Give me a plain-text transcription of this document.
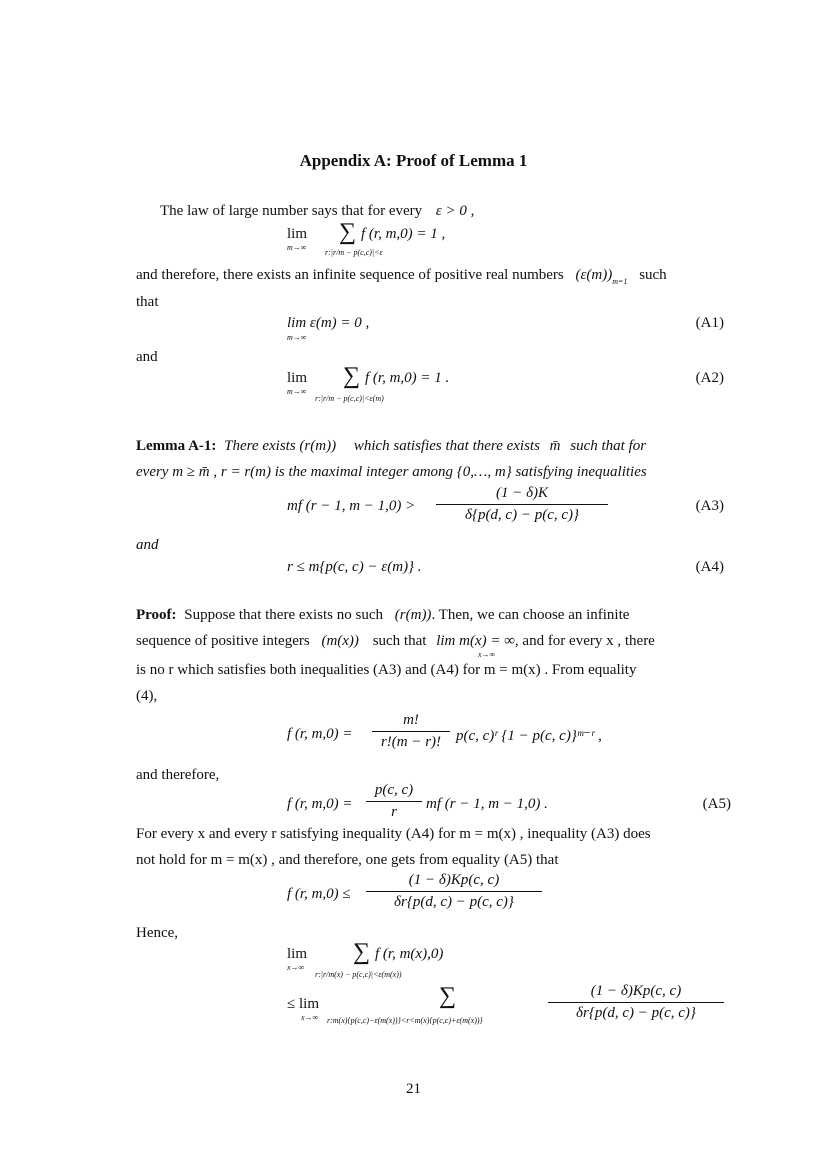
Appendix A: Proof of Lemma 1
The law of large number says that for every ε > 0 ,
lim ∑ f (r, m,0) = 1 ,
m→∞
r:|r/m − p(c,c)|<ε
and therefore, there exists an infinite sequence of positive real numbers $(\varepsilon(m))_{m=1}$ such
that
lim ε(m) = 0 ,
m→∞
(A1)
and
lim ∑ f (r, m,0) = 1 .
m→∞
r:|r/m − p(c,c)|<ε(m)
(A2)
Lemma A-1: There exists (r(m)) which satisfies that there exists m̄ such that for
every m ≥ m̄ , r = r(m) is the maximal integer among {0,…, m} satisfying inequalities
mf (r − 1, m − 1,0) >
(1 − δ)K
δ{p(d, c) − p(c, c)}
(A3)
and
r ≤ m{p(c, c) − ε(m)} .	(A4)
Proof: Suppose that there exists no such (r(m)). Then, we can choose an infinite
sequence of positive integers (m(x)) such that lim m(x) = ∞, and for every x , there
x→∞
is no r which satisfies both inequalities (A3) and (A4) for m = m(x) . From equality
(4),
f (r, m,0) =
m!
r!(m − r)! p(c, c)ʳ {1 − p(c, c)}ᵐ⁻ʳ ,
and therefore,
f (r, m,0) =
p(c, c)
r	mf (r − 1, m − 1,0) .	(A5)
For every x and every r satisfying inequality (A4) for m = m(x) , inequality (A3) does
not hold for m = m(x) , and therefore, one gets from equality (A5) that
f (r, m,0) ≤
(1 − δ)Kp(c, c)
δr{p(d, c) − p(c, c)}
Hence,
lim ∑ f (r, m(x),0)
x→∞
r:|r/m(x) − p(c,c)|<ε(m(x))
≤ lim
x→∞
∑
r:m(x){p(c,c)−ε(m(x))}<r<m(x){p(c,c)+ε(m(x))}
(1 − δ)Kp(c, c)
δr{p(d, c) − p(c, c)}
21
